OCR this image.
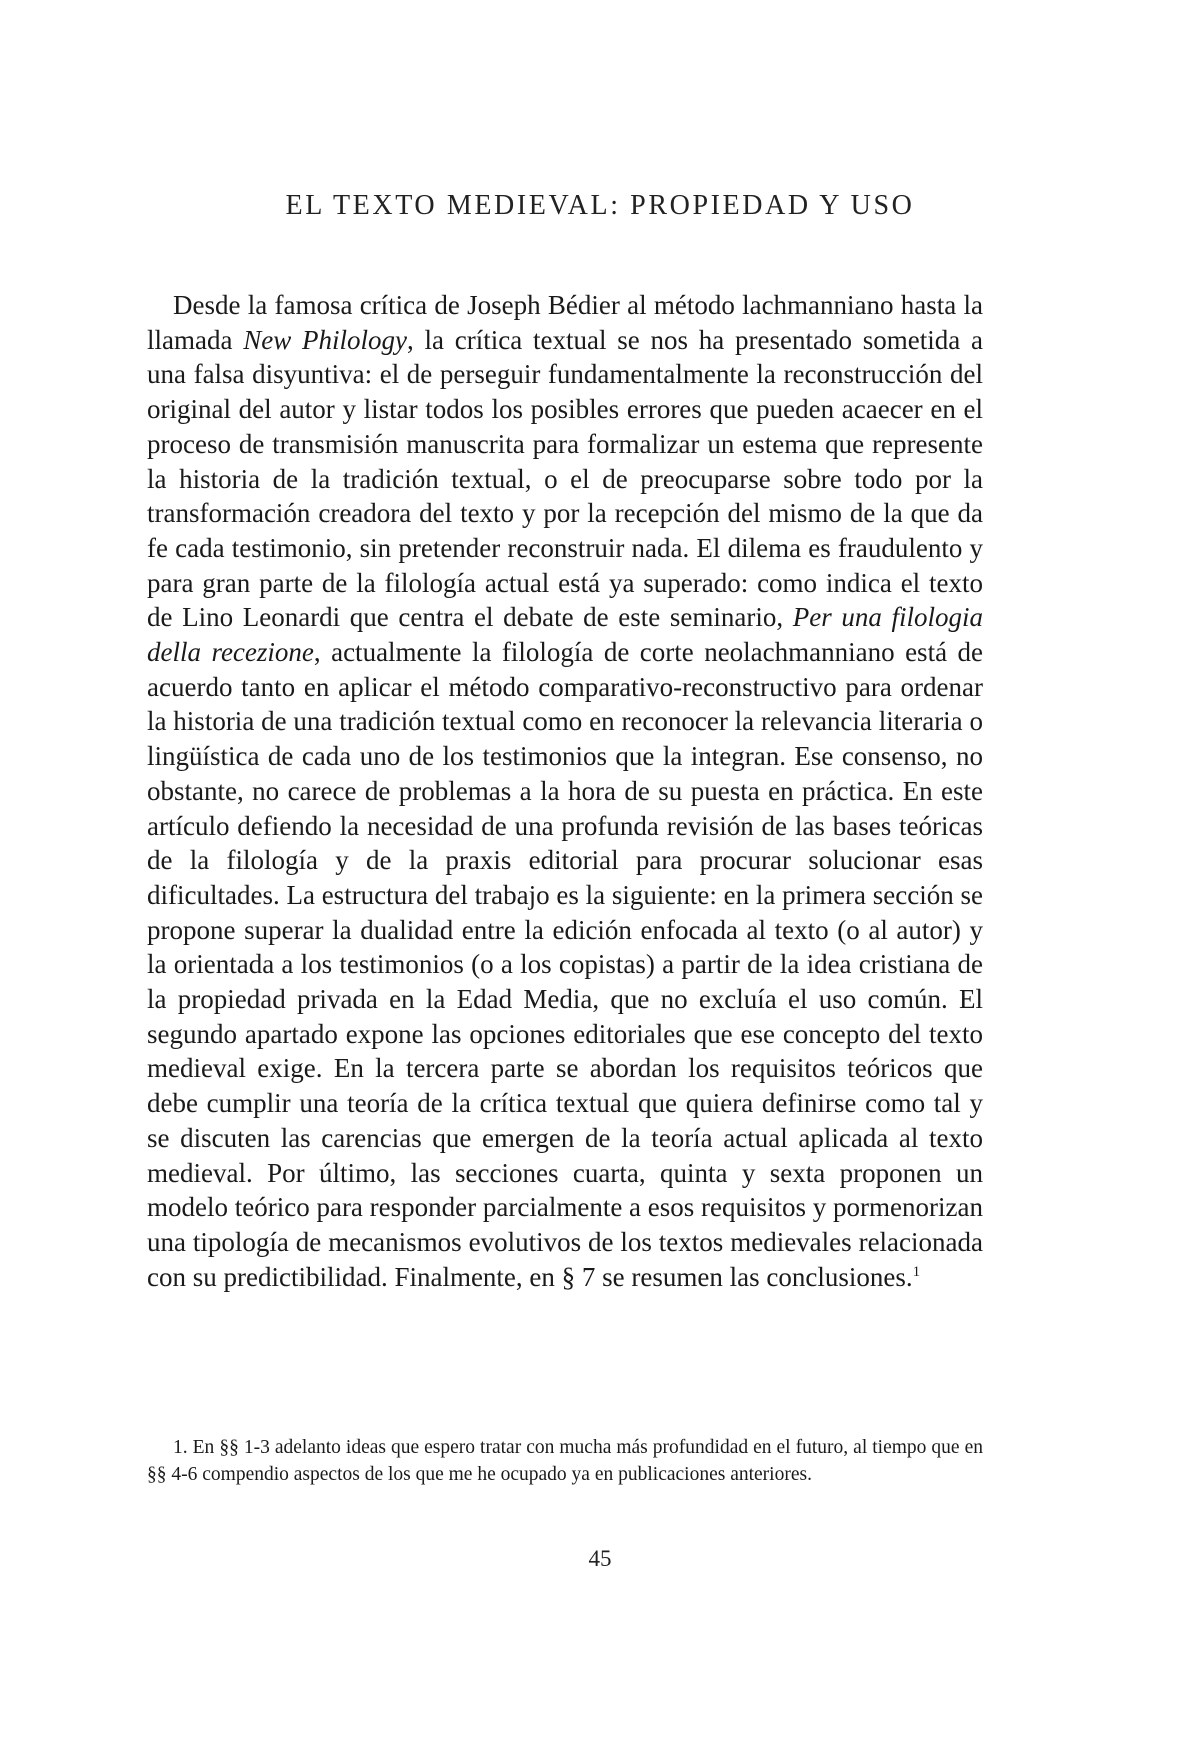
EL TEXTO MEDIEVAL: PROPIEDAD Y USO

Desde la famosa crítica de Joseph Bédier al método lachmanniano hasta la llamada New Philology, la crítica textual se nos ha presentado sometida a una falsa disyuntiva: el de perseguir fundamentalmente la reconstrucción del original del autor y listar todos los posibles errores que pueden acaecer en el proceso de transmisión manuscrita para formalizar un estema que represente la historia de la tradición textual, o el de preocuparse sobre todo por la transformación creadora del texto y por la recepción del mismo de la que da fe cada testimonio, sin pretender reconstruir nada. El dilema es fraudulento y para gran parte de la filología actual está ya superado: como indica el texto de Lino Leonardi que centra el debate de este seminario, Per una filologia della recezione, actualmente la filología de corte neolachmanniano está de acuerdo tanto en aplicar el método comparativo-reconstructivo para ordenar la historia de una tradición textual como en reconocer la relevancia literaria o lingüística de cada uno de los testimonios que la integran. Ese consenso, no obstante, no carece de problemas a la hora de su puesta en práctica. En este artículo defiendo la necesidad de una profunda revisión de las bases teóricas de la filología y de la praxis editorial para procurar solucionar esas dificultades. La estructura del trabajo es la siguiente: en la primera sección se propone superar la dualidad entre la edición enfocada al texto (o al autor) y la orientada a los testimonios (o a los copistas) a partir de la idea cristiana de la propiedad privada en la Edad Media, que no excluía el uso común. El segundo apartado expone las opciones editoriales que ese concepto del texto medieval exige. En la tercera parte se abordan los requisitos teóricos que debe cumplir una teoría de la crítica textual que quiera definirse como tal y se discuten las carencias que emergen de la teoría actual aplicada al texto medieval. Por último, las secciones cuarta, quinta y sexta proponen un modelo teórico para responder parcialmente a esos requisitos y pormenorizan una tipología de mecanismos evolutivos de los textos medievales relacionada con su predictibilidad. Finalmente, en § 7 se resumen las conclusiones.$^1$

1. En §§ 1-3 adelanto ideas que espero tratar con mucha más profundidad en el futuro, al tiempo que en §§ 4-6 compendio aspectos de los que me he ocupado ya en publicaciones anteriores.

45
